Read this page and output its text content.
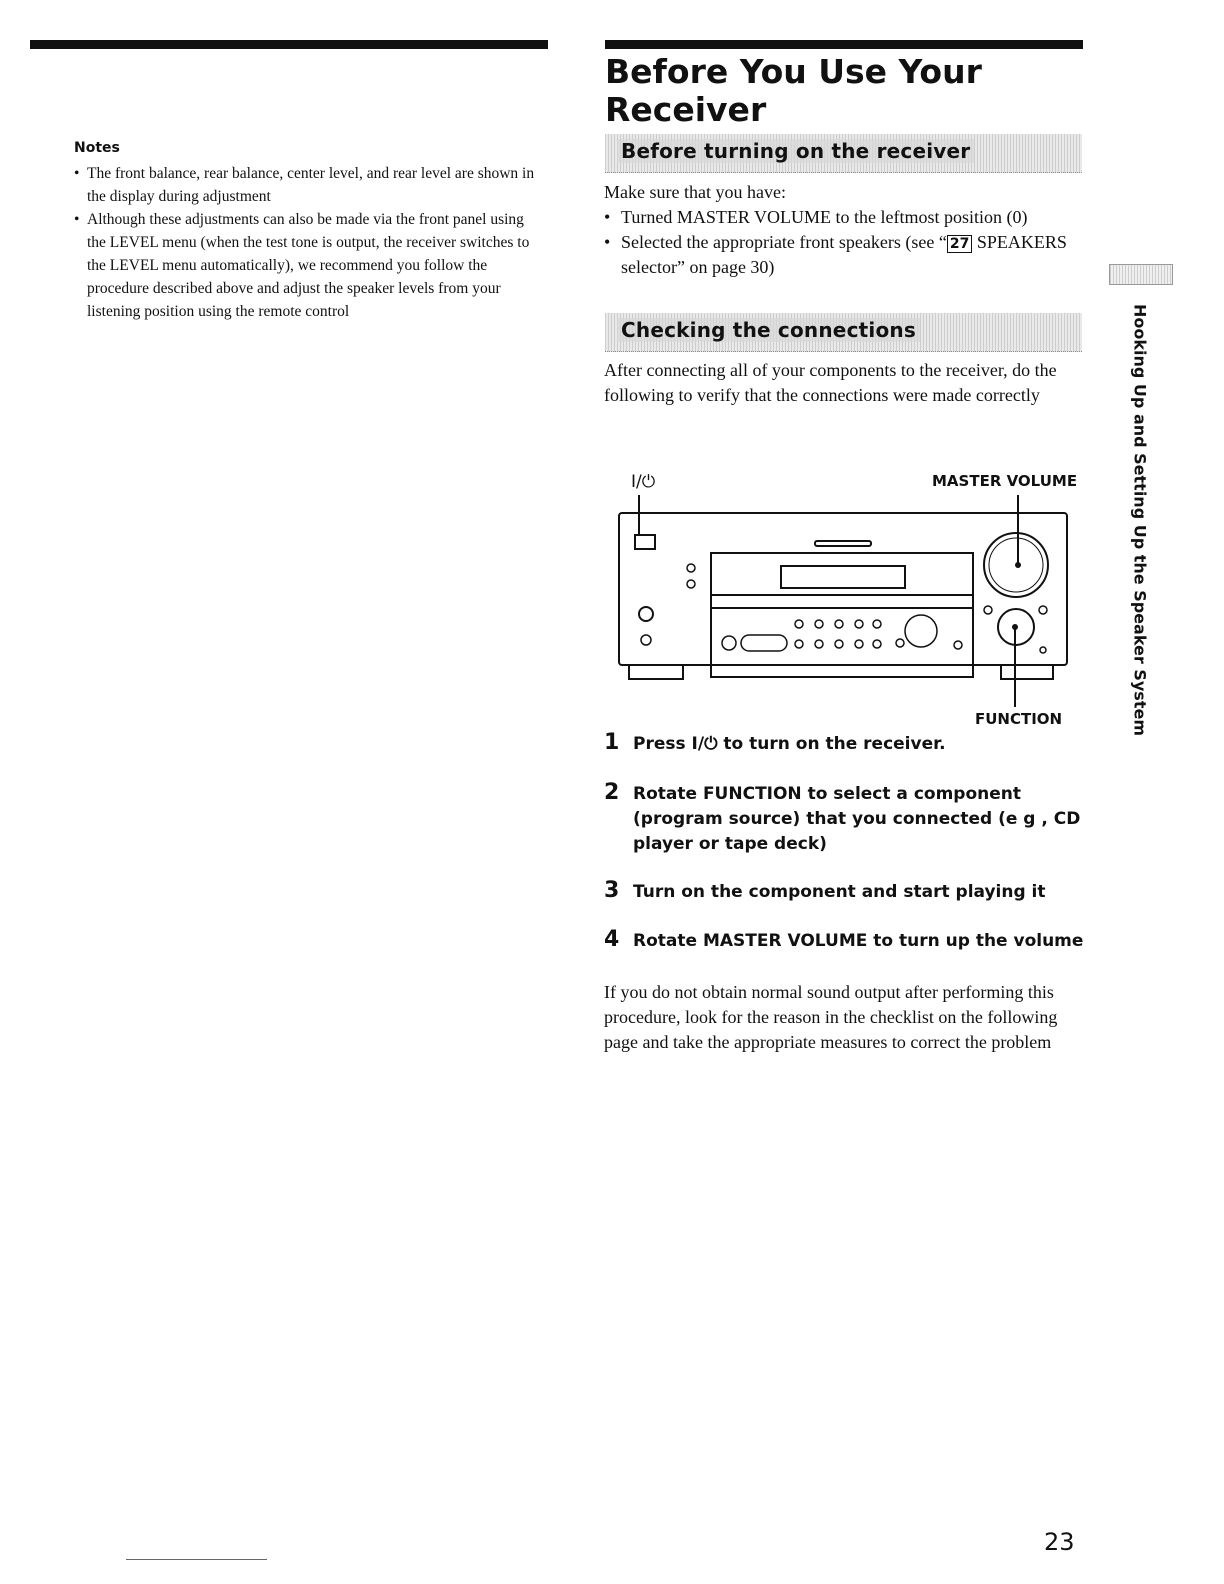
Notes
• The front balance, rear balance, center level, and rear level are shown in the display during adjustment
• Although these adjustments can also be made via the front panel using the LEVEL menu (when the test tone is output, the receiver switches to the LEVEL menu automatically), we recommend you follow the procedure described above and adjust the speaker levels from your listening position using the remote control
Before You Use Your Receiver
Before turning on the receiver

Make sure that you have:

• Turned MASTER VOLUME to the leftmost position (0)
• Selected the appropriate front speakers (see “ 27 SPEAKERS selector” on page 30)
Checking the connections

After connecting all of your components to the receiver, do the following to verify that the connections were made correctly

I/⏻	MASTER VOLUME
FUNCTION
1 Press I/⏻ to turn on the receiver.
2 Rotate FUNCTION to select a component (program source) that you connected (e g , CD player or tape deck)
3 Turn on the component and start playing it
4 Rotate MASTER VOLUME to turn up the volume

If you do not obtain normal sound output after performing this procedure, look for the reason in the checklist on the following page and take the appropriate measures to correct the problem

Hooking Up and Setting Up the Speaker System
23
